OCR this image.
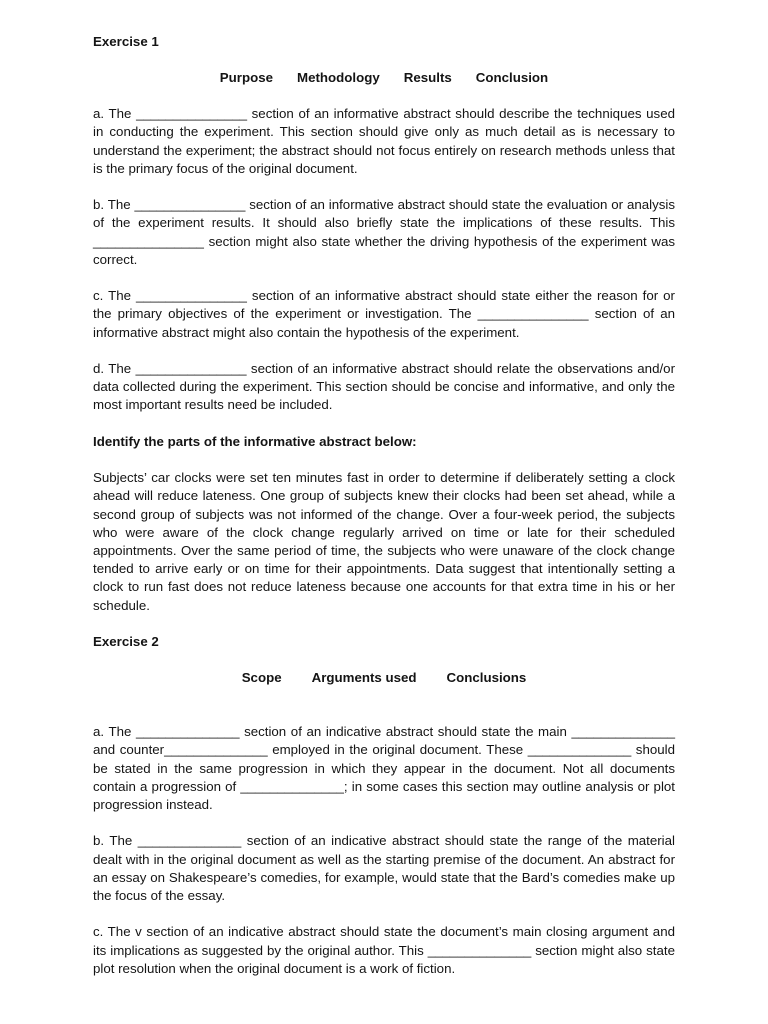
Exercise 1
Purpose Methodology Results Conclusion

a. The _______________ section of an informative abstract should describe the techniques used in conducting the experiment. This section should give only as much detail as is necessary to understand the experiment; the abstract should not focus entirely on research methods unless that is the primary focus of the original document.

b. The _______________ section of an informative abstract should state the evaluation or analysis of the experiment results. It should also briefly state the implications of these results. This _______________ section might also state whether the driving hypothesis of the experiment was correct.

c. The _______________ section of an informative abstract should state either the reason for or the primary objectives of the experiment or investigation. The _______________ section of an informative abstract might also contain the hypothesis of the experiment.

d. The _______________ section of an informative abstract should relate the observations and/or data collected during the experiment. This section should be concise and informative, and only the most important results need be included.

Identify the parts of the informative abstract below:

Subjects’ car clocks were set ten minutes fast in order to determine if deliberately setting a clock ahead will reduce lateness. One group of subjects knew their clocks had been set ahead, while a second group of subjects was not informed of the change. Over a four-week period, the subjects who were aware of the clock change regularly arrived on time or late for their scheduled appointments. Over the same period of time, the subjects who were unaware of the clock change tended to arrive early or on time for their appointments. Data suggest that intentionally setting a clock to run fast does not reduce lateness because one accounts for that extra time in his or her schedule.

Exercise 2
Scope Arguments used Conclusions

a. The ______________ section of an indicative abstract should state the main ______________ and counter______________ employed in the original document. These ______________ should be stated in the same progression in which they appear in the document. Not all documents contain a progression of ______________; in some cases this section may outline analysis or plot progression instead.

b. The ______________ section of an indicative abstract should state the range of the material dealt with in the original document as well as the starting premise of the document. An abstract for an essay on Shakespeare’s comedies, for example, would state that the Bard’s comedies make up the focus of the essay.

c. The v section of an indicative abstract should state the document’s main closing argument and its implications as suggested by the original author. This ______________ section might also state plot resolution when the original document is a work of fiction.
